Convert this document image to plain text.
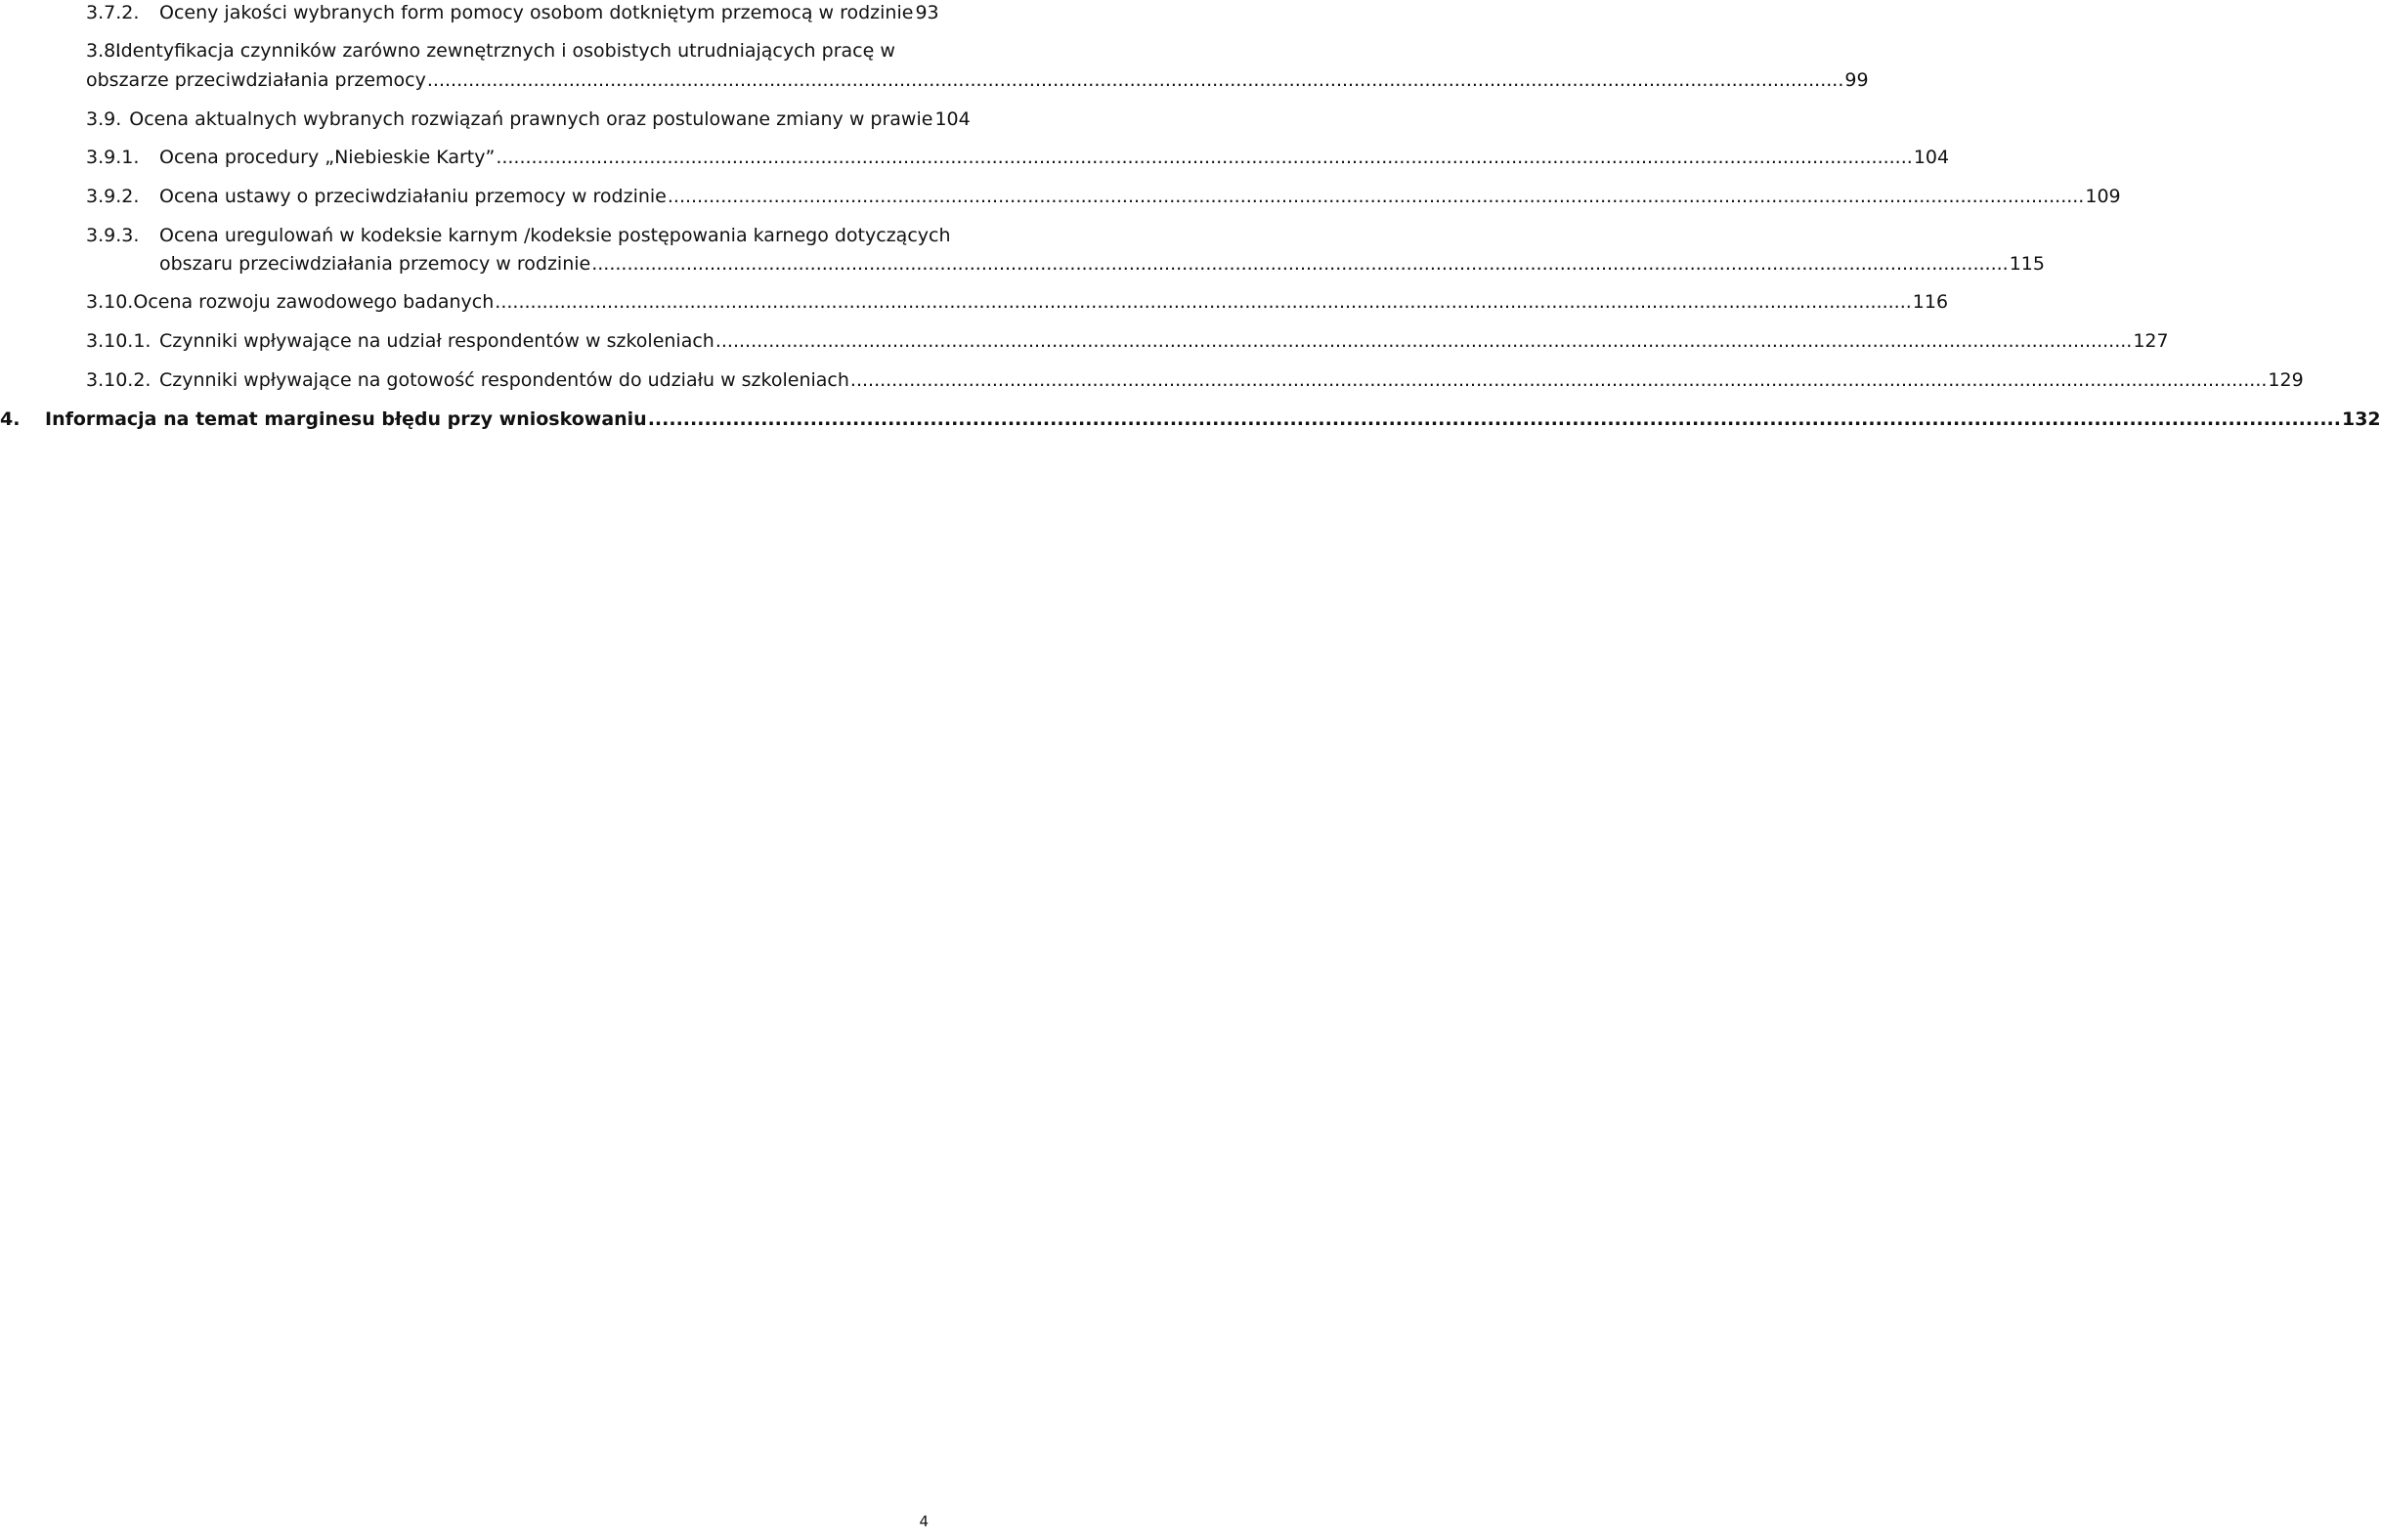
3.7.2. Oceny jakości wybranych form pomocy osobom dotkniętym przemocą w rodzinie 93
3.8.
Identyfikacja czynników zarówno zewnętrznych i osobistych utrudniających pracę w
obszarze przeciwdziałania przemocy .....	99
3.9. Ocena aktualnych wybranych rozwiązań prawnych oraz postulowane zmiany w prawie 104
3.9.1. Ocena procedury „Niebieskie Karty” .....	104
3.9.2. Ocena ustawy o przeciwdziałaniu przemocy w rodzinie .....	109
3.9.3. Ocena uregulowań w kodeksie karnym /kodeksie postępowania karnego dotyczących
obszaru przeciwdziałania przemocy w rodzinie .....	115
3.10. Ocena rozwoju zawodowego badanych .....	116
3.10.1. Czynniki wpływające na udział respondentów w szkoleniach .....	127
3.10.2. Czynniki wpływające na gotowość respondentów do udziału w szkoleniach .....	129
4. Informacja na temat marginesu błędu przy wnioskowaniu .....	132
4
